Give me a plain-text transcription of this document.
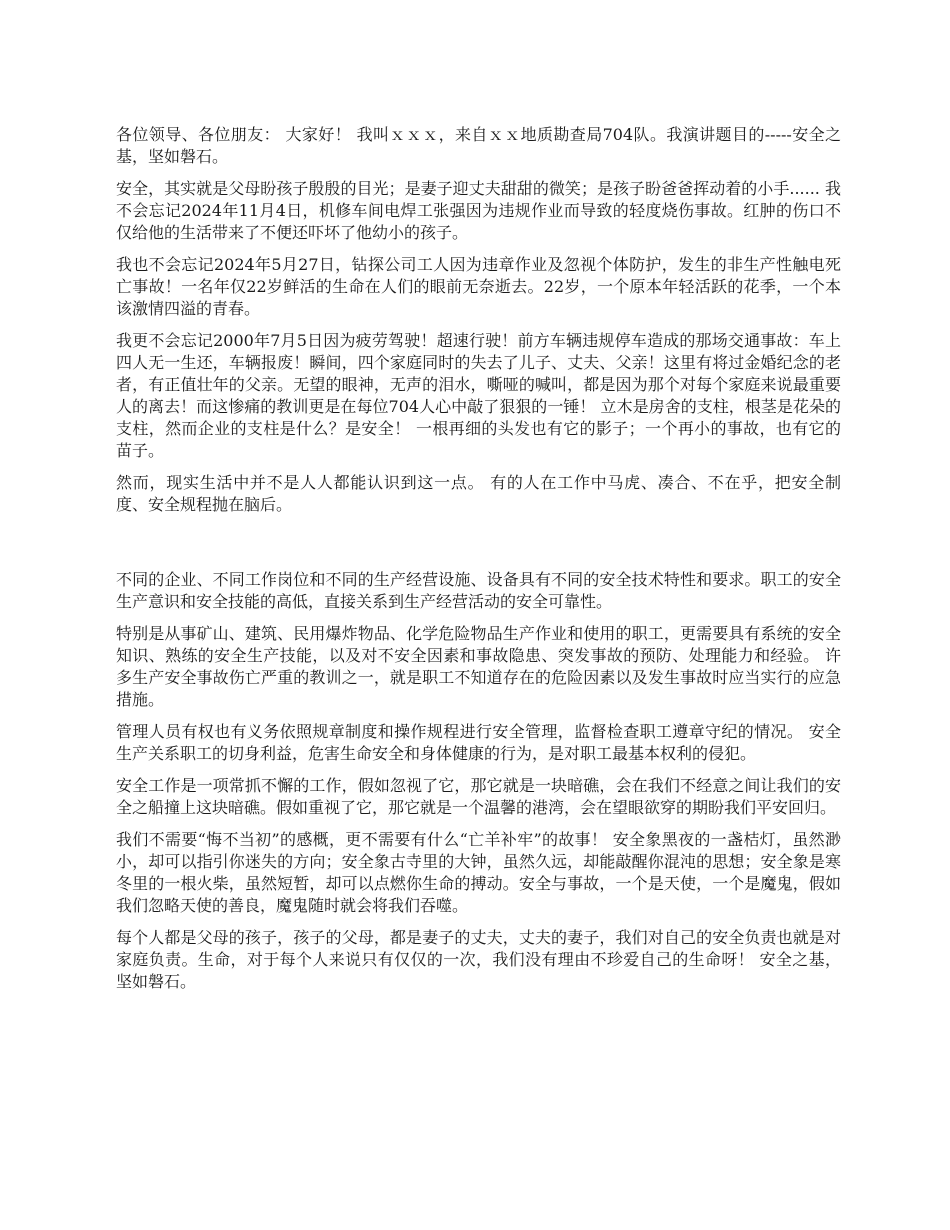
各位领导、各位朋友： 大家好！ 我叫ｘｘｘ，来自ｘｘ地质勘查局704队。我演讲题目的-----安全之基，坚如磐石。

安全，其实就是父母盼孩子殷殷的目光；是妻子迎丈夫甜甜的微笑；是孩子盼爸爸挥动着的小手...... 我不会忘记2024年11月4日，机修车间电焊工张强因为违规作业而导致的轻度烧伤事故。红肿的伤口不仅给他的生活带来了不便还吓坏了他幼小的孩子。

我也不会忘记2024年5月27日，钻探公司工人因为违章作业及忽视个体防护，发生的非生产性触电死亡事故！一名年仅22岁鲜活的生命在人们的眼前无奈逝去。22岁，一个原本年轻活跃的花季，一个本该激情四溢的青春。

我更不会忘记2000年7月5日因为疲劳驾驶！超速行驶！前方车辆违规停车造成的那场交通事故：车上四人无一生还，车辆报废！瞬间，四个家庭同时的失去了儿子、丈夫、父亲！这里有将过金婚纪念的老者，有正值壮年的父亲。无望的眼神，无声的泪水，嘶哑的喊叫，都是因为那个对每个家庭来说最重要人的离去！而这惨痛的教训更是在每位704人心中敲了狠狠的一锤！ 立木是房舍的支柱，根茎是花朵的支柱，然而企业的支柱是什么？是安全！ 一根再细的头发也有它的影子；一个再小的事故，也有它的苗子。

然而，现实生活中并不是人人都能认识到这一点。 有的人在工作中马虎、凑合、不在乎，把安全制度、安全规程抛在脑后。

不同的企业、不同工作岗位和不同的生产经营设施、设备具有不同的安全技术特性和要求。职工的安全生产意识和安全技能的高低，直接关系到生产经营活动的安全可靠性。

特别是从事矿山、建筑、民用爆炸物品、化学危险物品生产作业和使用的职工，更需要具有系统的安全知识、熟练的安全生产技能，以及对不安全因素和事故隐患、突发事故的预防、处理能力和经验。 许多生产安全事故伤亡严重的教训之一，就是职工不知道存在的危险因素以及发生事故时应当实行的应急措施。

管理人员有权也有义务依照规章制度和操作规程进行安全管理，监督检查职工遵章守纪的情况。 安全生产关系职工的切身利益，危害生命安全和身体健康的行为，是对职工最基本权利的侵犯。

安全工作是一项常抓不懈的工作，假如忽视了它，那它就是一块暗礁，会在我们不经意之间让我们的安全之船撞上这块暗礁。假如重视了它，那它就是一个温馨的港湾，会在望眼欲穿的期盼我们平安回归。

我们不需要“悔不当初”的感概，更不需要有什么“亡羊补牢”的故事！ 安全象黑夜的一盏桔灯，虽然渺小，却可以指引你迷失的方向；安全象古寺里的大钟，虽然久远，却能敲醒你混沌的思想；安全象是寒冬里的一根火柴，虽然短暂，却可以点燃你生命的搏动。安全与事故，一个是天使，一个是魔鬼，假如我们忽略天使的善良，魔鬼随时就会将我们吞噬。

每个人都是父母的孩子，孩子的父母，都是妻子的丈夫，丈夫的妻子，我们对自己的安全负责也就是对家庭负责。生命，对于每个人来说只有仅仅的一次，我们没有理由不珍爱自己的生命呀！ 安全之基，坚如磐石。
